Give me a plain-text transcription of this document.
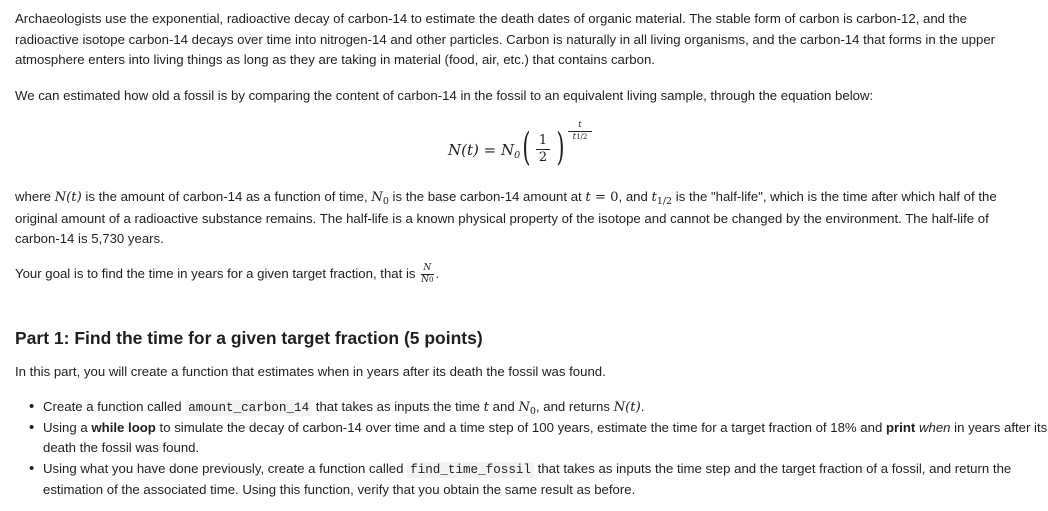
Archaeologists use the exponential, radioactive decay of carbon-14 to estimate the death dates of organic material. The stable form of carbon is carbon-12, and the radioactive isotope carbon-14 decays over time into nitrogen-14 and other particles. Carbon is naturally in all living organisms, and the carbon-14 that forms in the upper atmosphere enters into living things as long as they are taking in material (food, air, etc.) that contains carbon.

We can estimated how old a fossil is by comparing the content of carbon-14 in the fossil to an equivalent living sample, through the equation below:

$N(t) = N_0$ ( 1
2 )	t
t1/2

where N(t) is the amount of carbon-14 as a function of time, $N_0$ is the base carbon-14 amount at t = 0, and $t_{1/2}$ is the "half-life", which is the time after which half of the original amount of a radioactive substance remains. The half-life is a known physical property of the isotope and cannot be changed by the environment. The half-life of carbon-14 is 5,730 years.

Your goal is to find the time in years for a given target fraction, that is $\frac{N}{N0}$ .

Part 1: Find the time for a given target fraction (5 points)

In this part, you will create a function that estimates when in years after its death the fossil was found.

• Create a function called amount_carbon_14 that takes as inputs the time t and $N_0$, and returns N(t).
• Using a while loop to simulate the decay of carbon-14 over time and a time step of 100 years, estimate the time for a target fraction of 18% and print when in years after its death the fossil was found.
• Using what you have done previously, create a function called find_time_fossil that takes as inputs the time step and the target fraction of a fossil, and return the estimation of the associated time. Using this function, verify that you obtain the same result as before.
